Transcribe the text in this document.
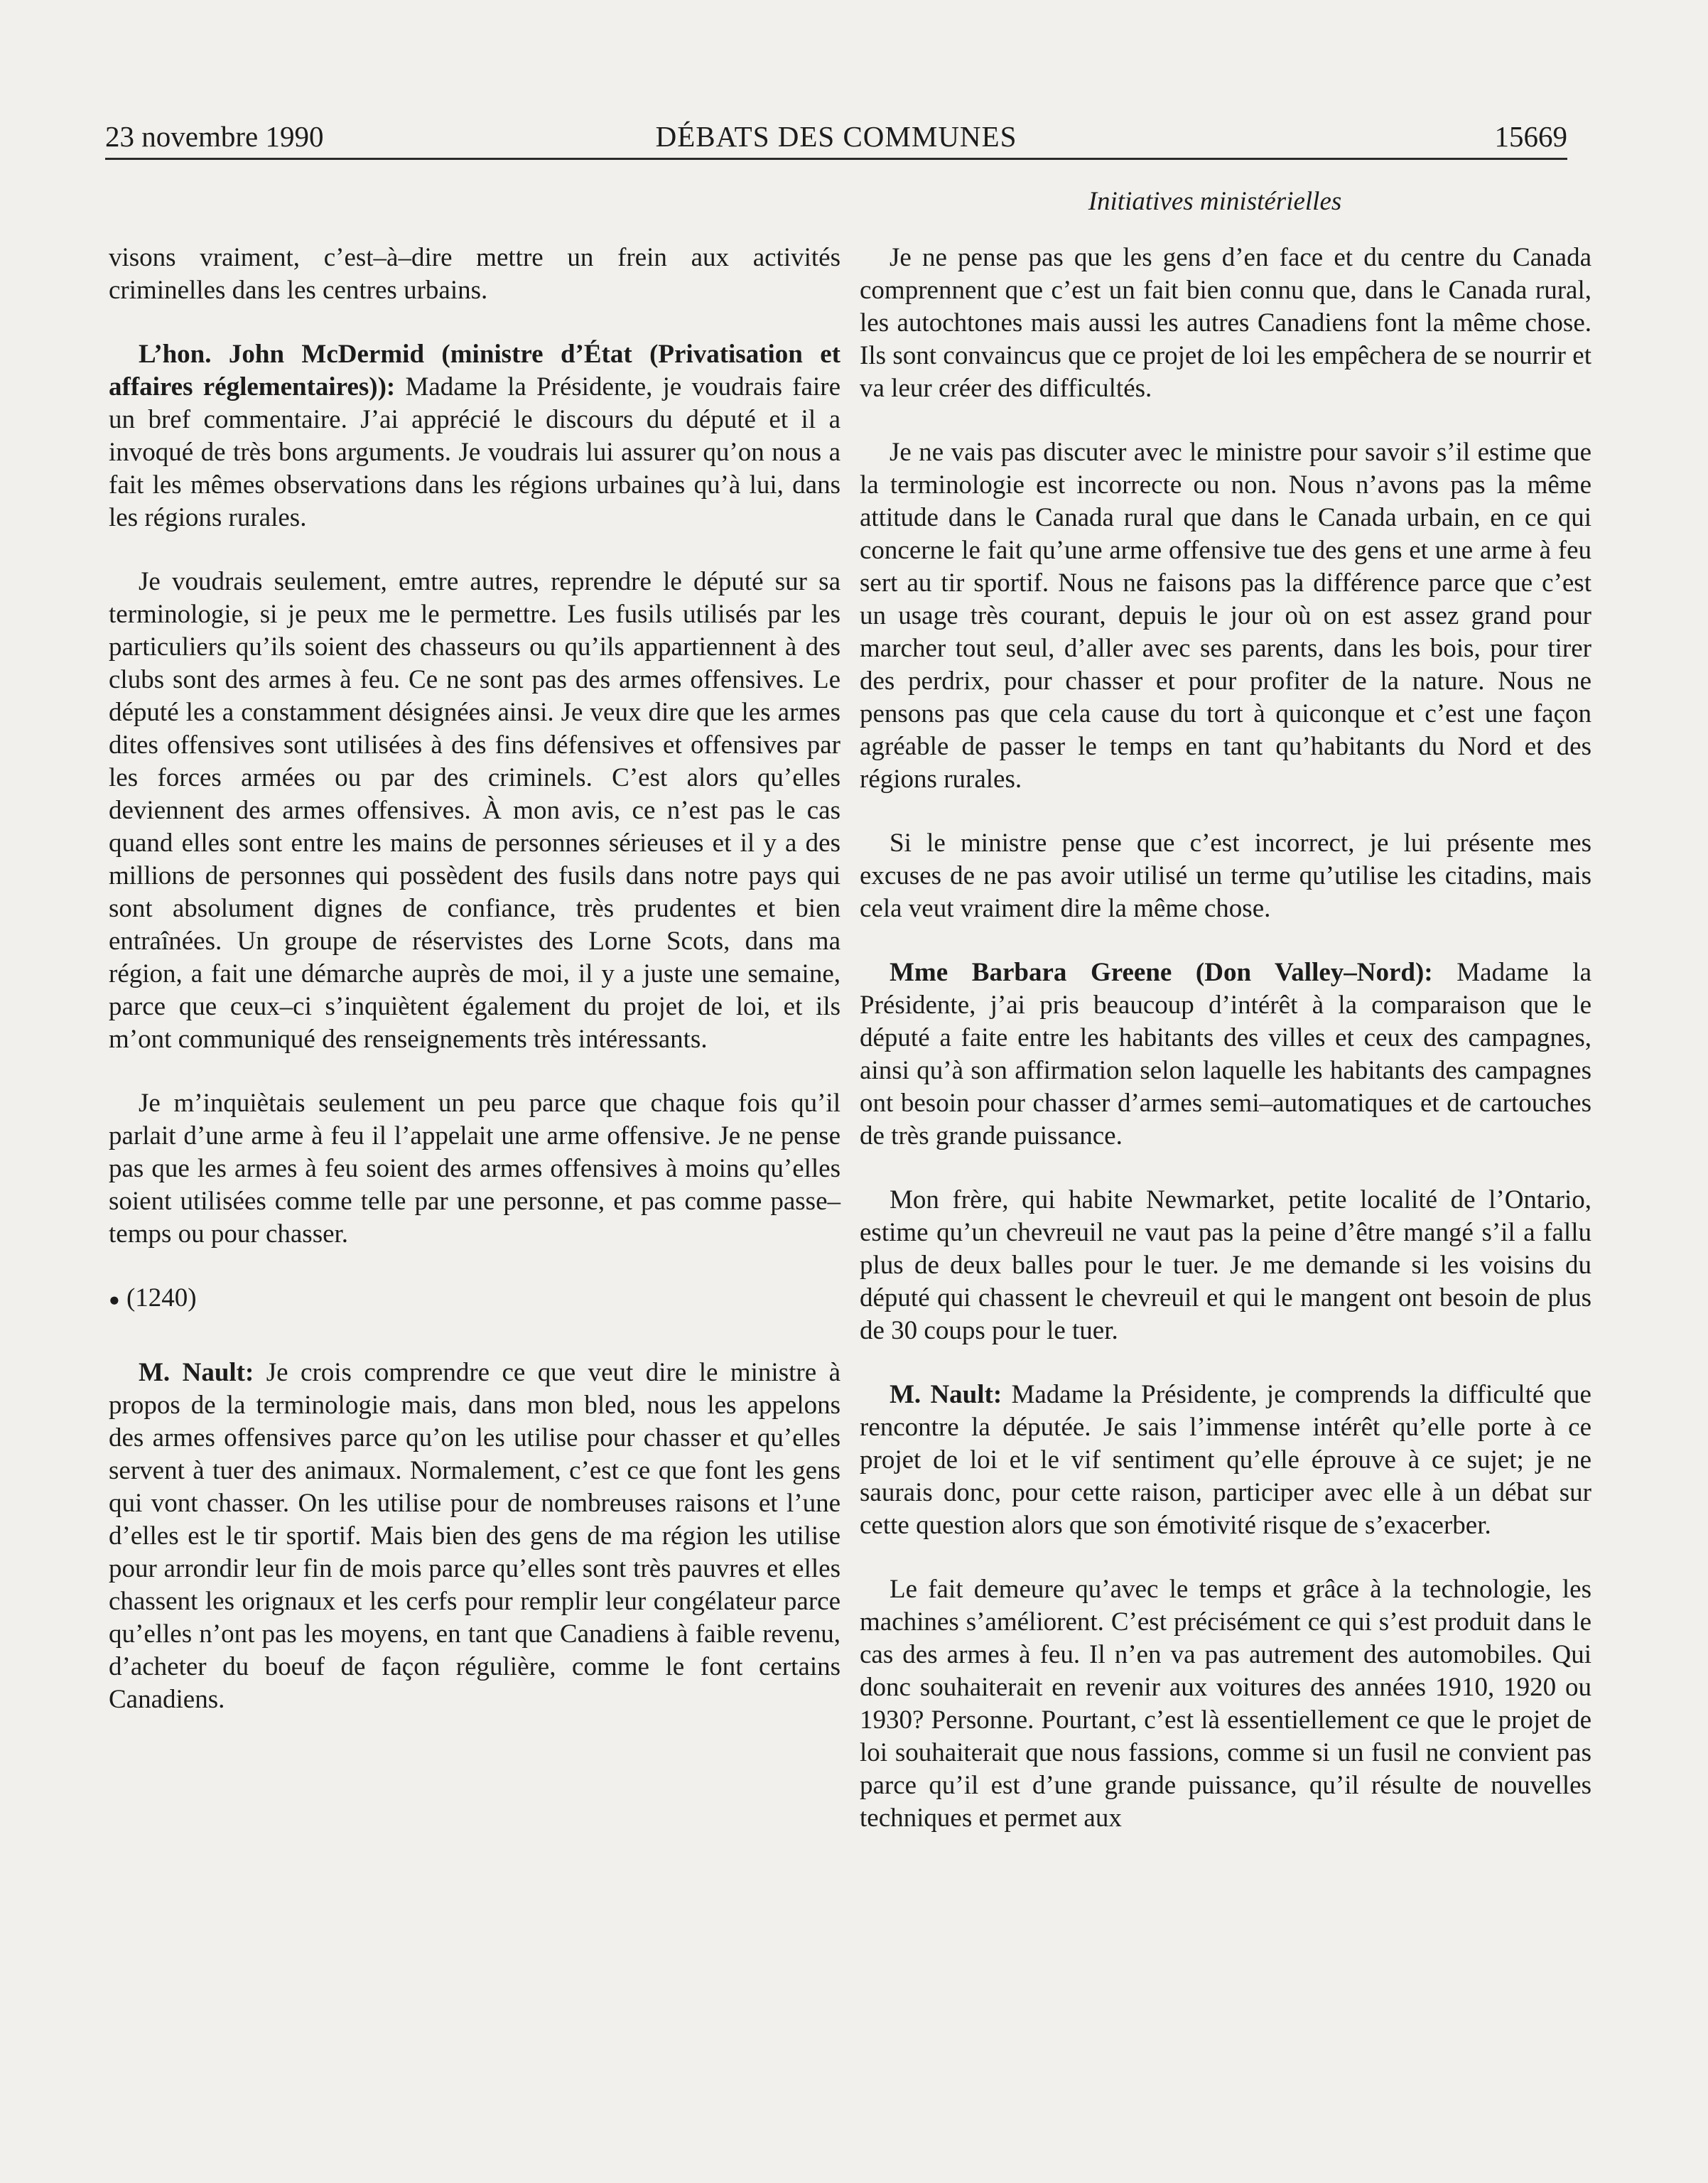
23 novembre 1990	DÉBATS DES COMMUNES	15669
Initiatives ministérielles

visons vraiment, c’est–à–dire mettre un frein aux activités criminelles dans les centres urbains.

L’hon. John McDermid (ministre d’État (Privatisation et affaires réglementaires)): Madame la Présidente, je voudrais faire un bref commentaire. J’ai apprécié le discours du député et il a invoqué de très bons arguments. Je voudrais lui assurer qu’on nous a fait les mêmes observations dans les régions urbaines qu’à lui, dans les régions rurales.

Je voudrais seulement, emtre autres, reprendre le député sur sa terminologie, si je peux me le permettre. Les fusils utilisés par les particuliers qu’ils soient des chasseurs ou qu’ils appartiennent à des clubs sont des armes à feu. Ce ne sont pas des armes offensives. Le député les a constamment désignées ainsi. Je veux dire que les armes dites offensives sont utilisées à des fins défensives et offensives par les forces armées ou par des criminels. C’est alors qu’elles deviennent des armes offensives. À mon avis, ce n’est pas le cas quand elles sont entre les mains de personnes sérieuses et il y a des millions de personnes qui possèdent des fusils dans notre pays qui sont absolument dignes de confiance, très prudentes et bien entraînées. Un groupe de réservistes des Lorne Scots, dans ma région, a fait une démarche auprès de moi, il y a juste une semaine, parce que ceux–ci s’inquiètent également du projet de loi, et ils m’ont communiqué des renseignements très intéressants.

Je m’inquiètais seulement un peu parce que chaque fois qu’il parlait d’une arme à feu il l’appelait une arme offensive. Je ne pense pas que les armes à feu soient des armes offensives à moins qu’elles soient utilisées comme telle par une personne, et pas comme passe–temps ou pour chasser.

● (1240)

M. Nault: Je crois comprendre ce que veut dire le ministre à propos de la terminologie mais, dans mon bled, nous les appelons des armes offensives parce qu’on les utilise pour chasser et qu’elles servent à tuer des animaux. Normalement, c’est ce que font les gens qui vont chasser. On les utilise pour de nombreuses raisons et l’une d’elles est le tir sportif. Mais bien des gens de ma région les utilise pour arrondir leur fin de mois parce qu’elles sont très pauvres et elles chassent les orignaux et les cerfs pour remplir leur congélateur parce qu’elles n’ont pas les moyens, en tant que Canadiens à faible revenu, d’acheter du boeuf de façon régulière, comme le font certains Canadiens.

Je ne pense pas que les gens d’en face et du centre du Canada comprennent que c’est un fait bien connu que, dans le Canada rural, les autochtones mais aussi les autres Canadiens font la même chose. Ils sont convaincus que ce projet de loi les empêchera de se nourrir et va leur créer des difficultés.

Je ne vais pas discuter avec le ministre pour savoir s’il estime que la terminologie est incorrecte ou non. Nous n’avons pas la même attitude dans le Canada rural que dans le Canada urbain, en ce qui concerne le fait qu’une arme offensive tue des gens et une arme à feu sert au tir sportif. Nous ne faisons pas la différence parce que c’est un usage très courant, depuis le jour où on est assez grand pour marcher tout seul, d’aller avec ses parents, dans les bois, pour tirer des perdrix, pour chasser et pour profiter de la nature. Nous ne pensons pas que cela cause du tort à quiconque et c’est une façon agréable de passer le temps en tant qu’habitants du Nord et des régions rurales.

Si le ministre pense que c’est incorrect, je lui présente mes excuses de ne pas avoir utilisé un terme qu’utilise les citadins, mais cela veut vraiment dire la même chose.

Mme Barbara Greene (Don Valley–Nord): Madame la Présidente, j’ai pris beaucoup d’intérêt à la comparaison que le député a faite entre les habitants des villes et ceux des campagnes, ainsi qu’à son affirmation selon laquelle les habitants des campagnes ont besoin pour chasser d’armes semi–automatiques et de cartouches de très grande puissance.

Mon frère, qui habite Newmarket, petite localité de l’Ontario, estime qu’un chevreuil ne vaut pas la peine d’être mangé s’il a fallu plus de deux balles pour le tuer. Je me demande si les voisins du député qui chassent le chevreuil et qui le mangent ont besoin de plus de 30 coups pour le tuer.

M. Nault: Madame la Présidente, je comprends la difficulté que rencontre la députée. Je sais l’immense intérêt qu’elle porte à ce projet de loi et le vif sentiment qu’elle éprouve à ce sujet; je ne saurais donc, pour cette raison, participer avec elle à un débat sur cette question alors que son émotivité risque de s’exacerber.

Le fait demeure qu’avec le temps et grâce à la technologie, les machines s’améliorent. C’est précisément ce qui s’est produit dans le cas des armes à feu. Il n’en va pas autrement des automobiles. Qui donc souhaiterait en revenir aux voitures des années 1910, 1920 ou 1930? Personne. Pourtant, c’est là essentiellement ce que le projet de loi souhaiterait que nous fassions, comme si un fusil ne convient pas parce qu’il est d’une grande puissance, qu’il résulte de nouvelles techniques et permet aux
